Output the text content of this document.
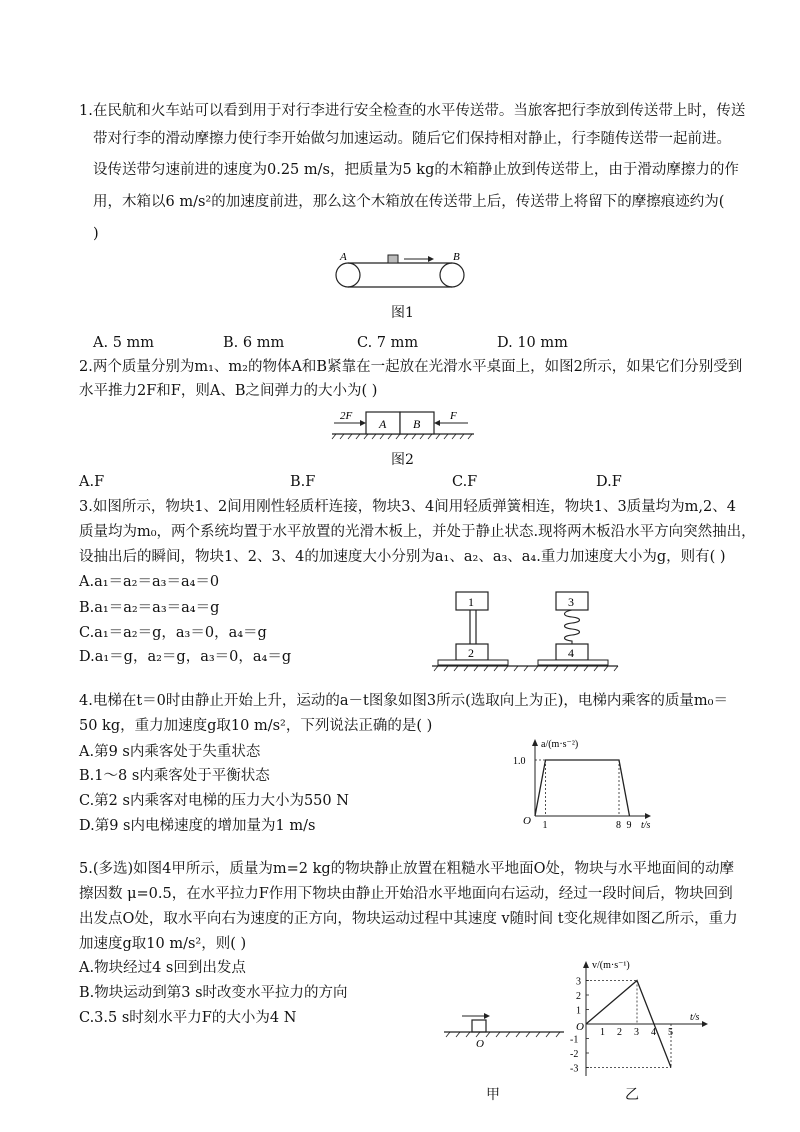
1.在民航和火车站可以看到用于对行李进行安全检查的水平传送带。当旅客把行李放到传送带上时，传送
带对行李的滑动摩擦力使行李开始做匀加速运动。随后它们保持相对静止，行李随传送带一起前进。
设传送带匀速前进的速度为0.25 m/s，把质量为5 kg的木箱静止放到传送带上，由于滑动摩擦力的作
用，木箱以6 m/s²的加速度前进，那么这个木箱放在传送带上后，传送带上将留下的摩擦痕迹约为(
)
A	B
图1
A. 5 mm	B. 6 mm	C. 7 mm	D. 10 mm
2.两个质量分别为m₁、m₂的物体A和B紧靠在一起放在光滑水平桌面上，如图2所示，如果它们分别受到
水平推力2F和F，则A、B之间弹力的大小为( )
A B
2F	F
图2
A.F	B.F	C.F	D.F
3.如图所示，物块1、2间用刚性轻质杆连接，物块3、4间用轻质弹簧相连，物块1、3质量均为m,2、4
质量均为m₀，两个系统均置于水平放置的光滑木板上，并处于静止状态.现将两木板沿水平方向突然抽出，
设抽出后的瞬间，物块1、2、3、4的加速度大小分别为a₁、a₂、a₃、a₄.重力加速度大小为g，则有( )
A.a₁＝a₂＝a₃＝a₄＝0
B.a₁＝a₂＝a₃＝a₄＝g
C.a₁＝a₂＝g，a₃＝0，a₄＝g
D.a₁＝g，a₂＝g，a₃＝0，a₄＝g
1
2
3
4
4.电梯在t＝0时由静止开始上升，运动的a－t图象如图3所示(选取向上为正)，电梯内乘客的质量m₀＝
50 kg，重力加速度g取10 m/s²，下列说法正确的是( )
A.第9 s内乘客处于失重状态
B.1～8 s内乘客处于平衡状态
C.第2 s内乘客对电梯的压力大小为550 N
D.第9 s内电梯速度的增加量为1 m/s
a/(m·s⁻²)
t/s
O 1	8 9
1.0
5.(多选)如图4甲所示，质量为m=2 kg的物块静止放置在粗糙水平地面O处，物块与水平地面间的动摩
擦因数 μ=0.5，在水平拉力F作用下物块由静止开始沿水平地面向右运动，经过一段时间后，物块回到
出发点O处，取水平向右为速度的正方向，物块运动过程中其速度 v随时间 t变化规律如图乙所示，重力
加速度g取10 m/s²，则( )
A.物块经过4 s回到出发点
B.物块运动到第3 s时改变水平拉力的方向
C.3.5 s时刻水平力F的大小为4 N
O
甲
v/(m·s⁻¹)
t/s
O 1 2 3 4 5
3
2
1
-1
-2
-3
乙
